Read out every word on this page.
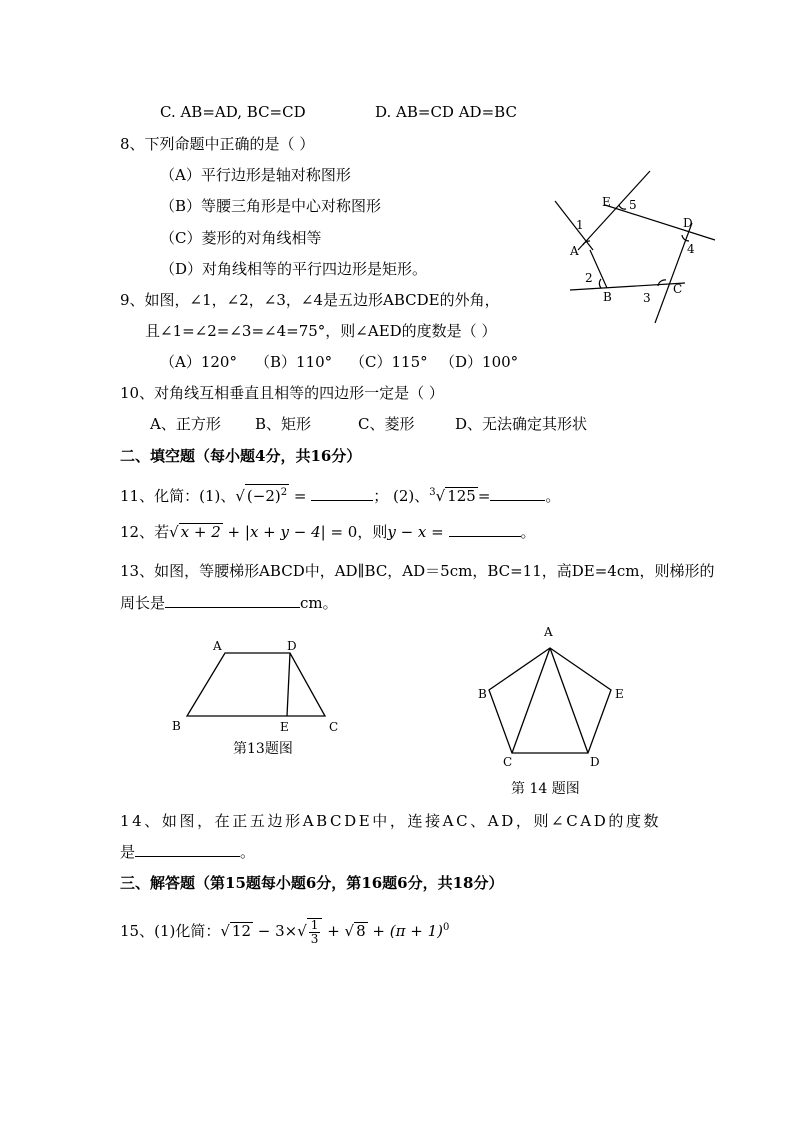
C. AB=AD, BC=CD	D. AB=CD AD=BC
8、下列命题中正确的是（ ）
（A）平行边形是轴对称图形
（B）等腰三角形是中心对称图形
（C）菱形的对角线相等
（D）对角线相等的平行四边形是矩形。
1
E 5
D
4
A
2
B	3
C
9、如图，∠1，∠2，∠3，∠4是五边形ABCDE的外角，
且∠1=∠2=∠3=∠4=75°，则∠AED的度数是（ ）
（A）120° （B）110° （C）115° （D）100°
10、对角线互相垂直且相等的四边形一定是（ ）
A、正方形 B、矩形	C、菱形	D、无法确定其形状
二、填空题（每小题4分，共16分）
11、化简：(1)、√ $(-2)^2$ =	； (2)、$^3$√ 125 =	。
12、若√ x + 2 + |x + y − 4| = 0，则y − x =	。
13、如图，等腰梯形ABCD中，AD∥BC，AD＝5cm，BC=11，高DE=4cm，则梯形的
周长是	cm。
A	D
B	E	C
第13题图
A
B	E
C	D
第 14 题图
14、如图，在正五边形ABCDE中，连接AC、AD，则∠CAD的度数
是	。
三、解答题（第15题每小题6分，第16题6分，共18分）
15、(1)化简：√ $12 - 3\times√ \frac{1}{3}$ + √ $8 + (\pi + 1)^0$
